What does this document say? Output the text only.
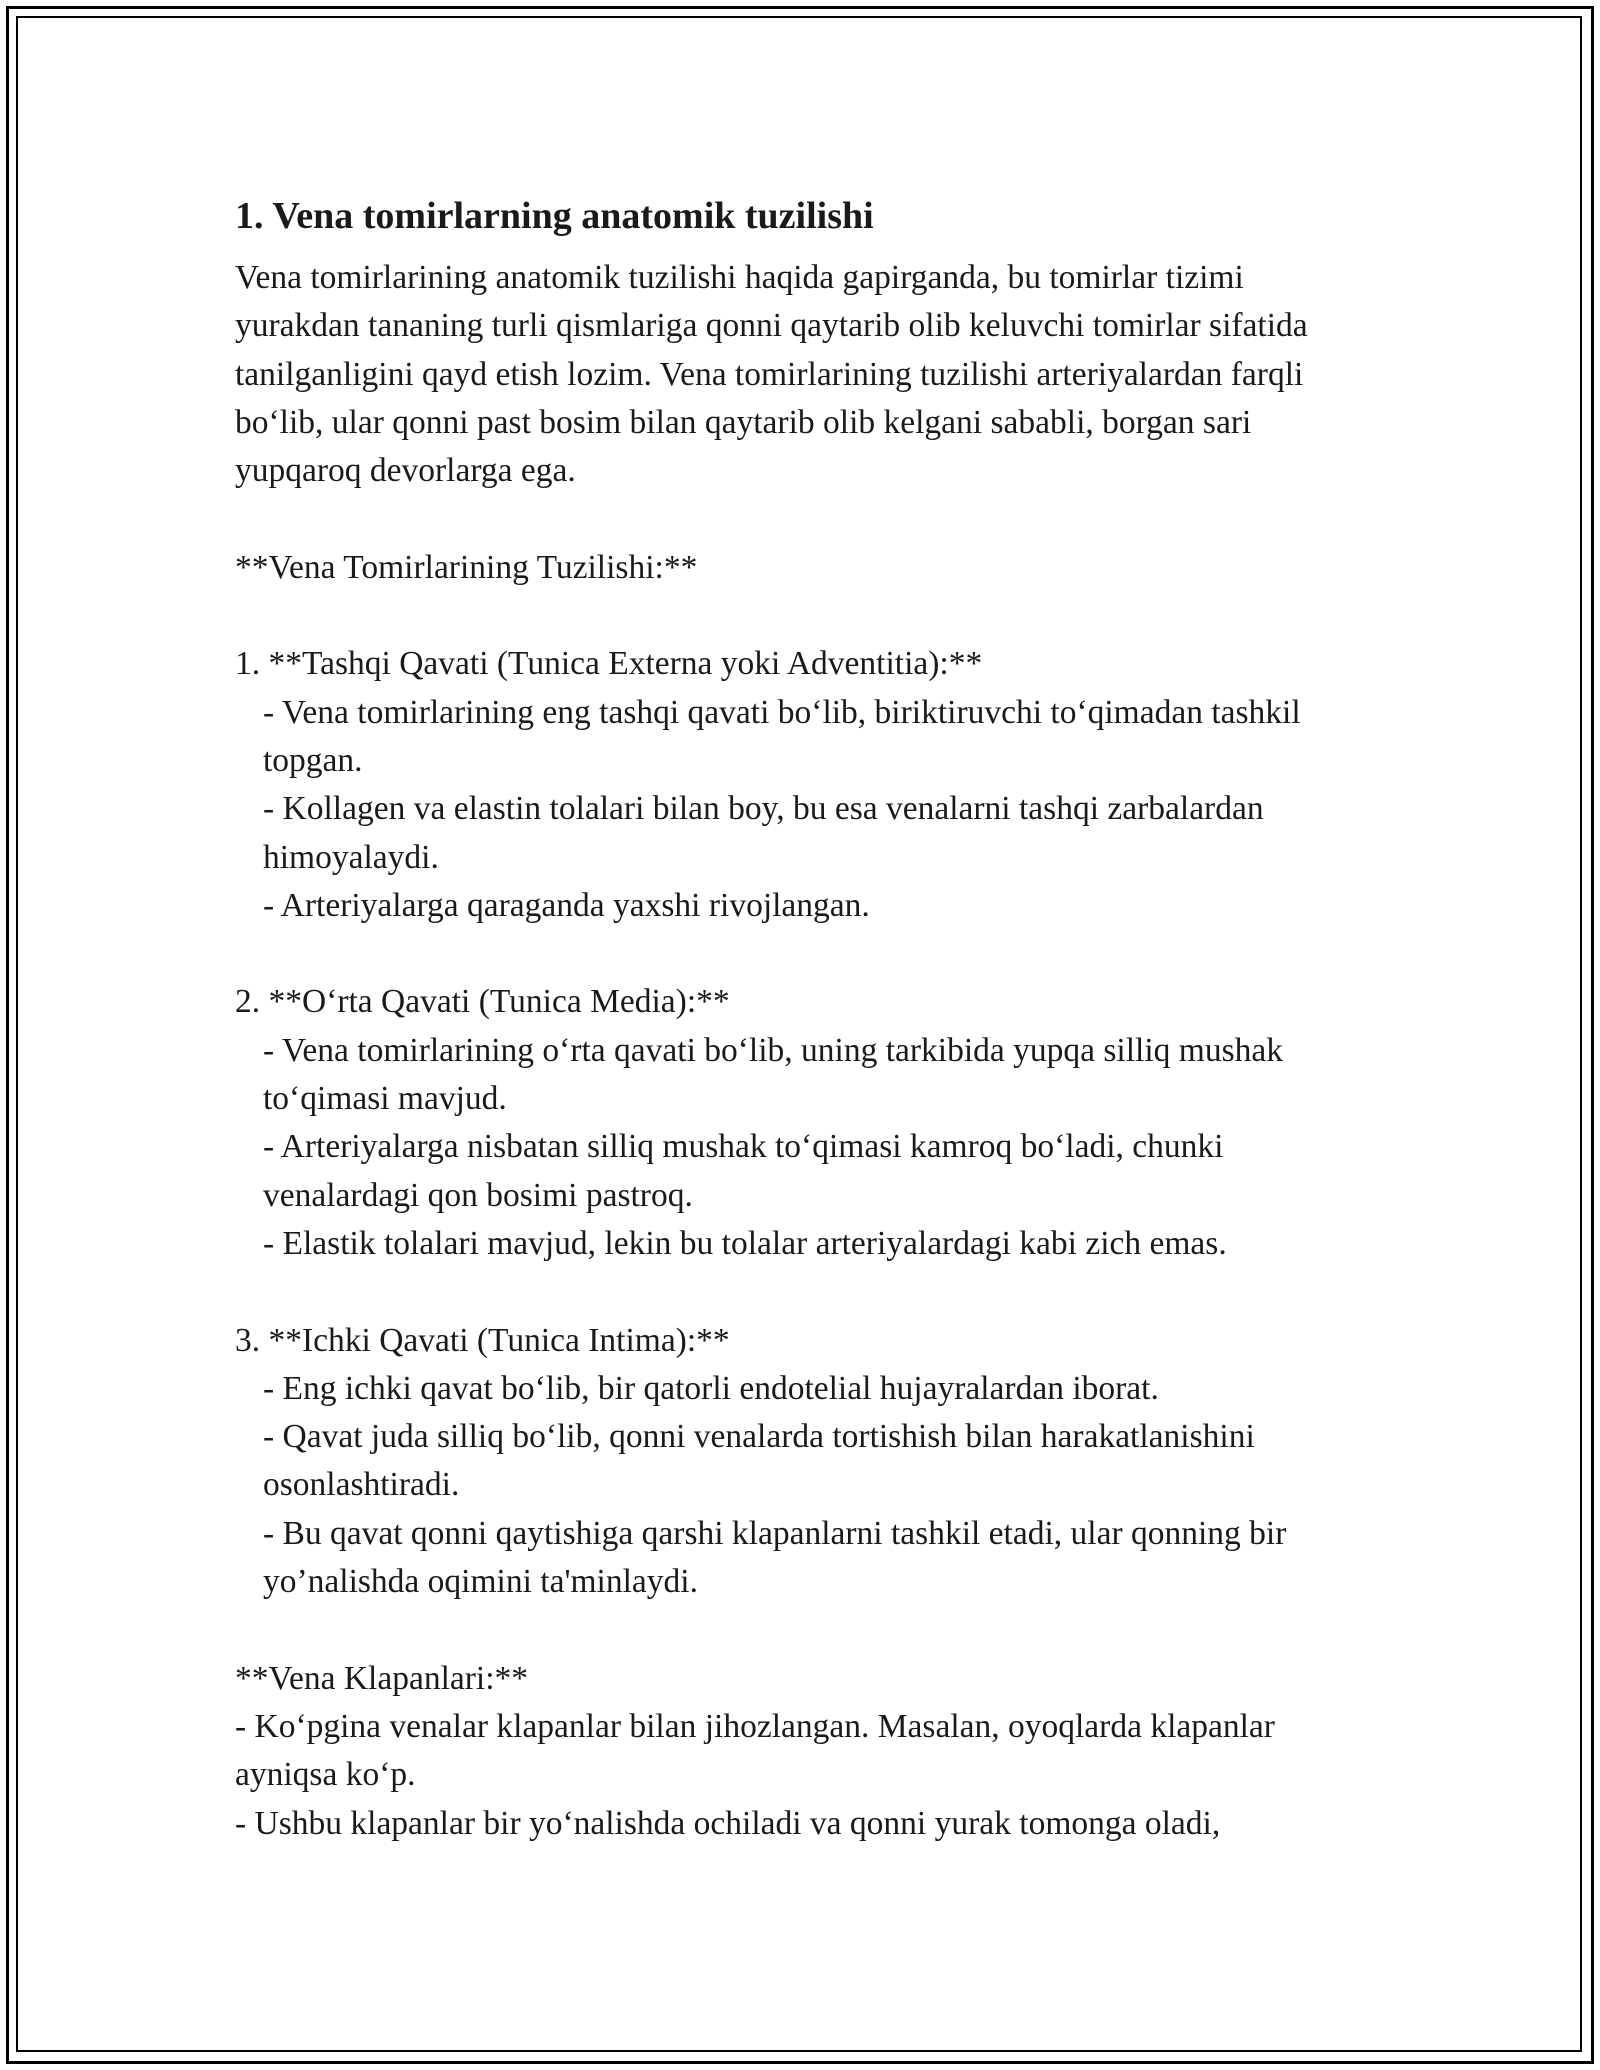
1. Vena tomirlarning anatomik tuzilishi

Vena tomirlarining anatomik tuzilishi haqida gapirganda, bu tomirlar tizimi yurakdan tananing turli qismlariga qonni qaytarib olib keluvchi tomirlar sifatida tanilganligini qayd etish lozim. Vena tomirlarining tuzilishi arteriyalardan farqli bo‘lib, ular qonni past bosim bilan qaytarib olib kelgani sababli, borgan sari yupqaroq devorlarga ega.

**Vena Tomirlarining Tuzilishi:**

1. **Tashqi Qavati (Tunica Externa yoki Adventitia):**

- Vena tomirlarining eng tashqi qavati bo‘lib, biriktiruvchi to‘qimadan tashkil topgan.

- Kollagen va elastin tolalari bilan boy, bu esa venalarni tashqi zarbalardan himoyalaydi.

- Arteriyalarga qaraganda yaxshi rivojlangan.

2. **O‘rta Qavati (Tunica Media):**

- Vena tomirlarining o‘rta qavati bo‘lib, uning tarkibida yupqa silliq mushak to‘qimasi mavjud.

- Arteriyalarga nisbatan silliq mushak to‘qimasi kamroq bo‘ladi, chunki venalardagi qon bosimi pastroq.

- Elastik tolalari mavjud, lekin bu tolalar arteriyalardagi kabi zich emas.

3. **Ichki Qavati (Tunica Intima):**

- Eng ichki qavat bo‘lib, bir qatorli endotelial hujayralardan iborat.

- Qavat juda silliq bo‘lib, qonni venalarda tortishish bilan harakatlanishini osonlashtiradi.

- Bu qavat qonni qaytishiga qarshi klapanlarni tashkil etadi, ular qonning bir yo’nalishda oqimini ta'minlaydi.

**Vena Klapanlari:**

- Ko‘pgina venalar klapanlar bilan jihozlangan. Masalan, oyoqlarda klapanlar ayniqsa ko‘p.

- Ushbu klapanlar bir yo‘nalishda ochiladi va qonni yurak tomonga oladi,
